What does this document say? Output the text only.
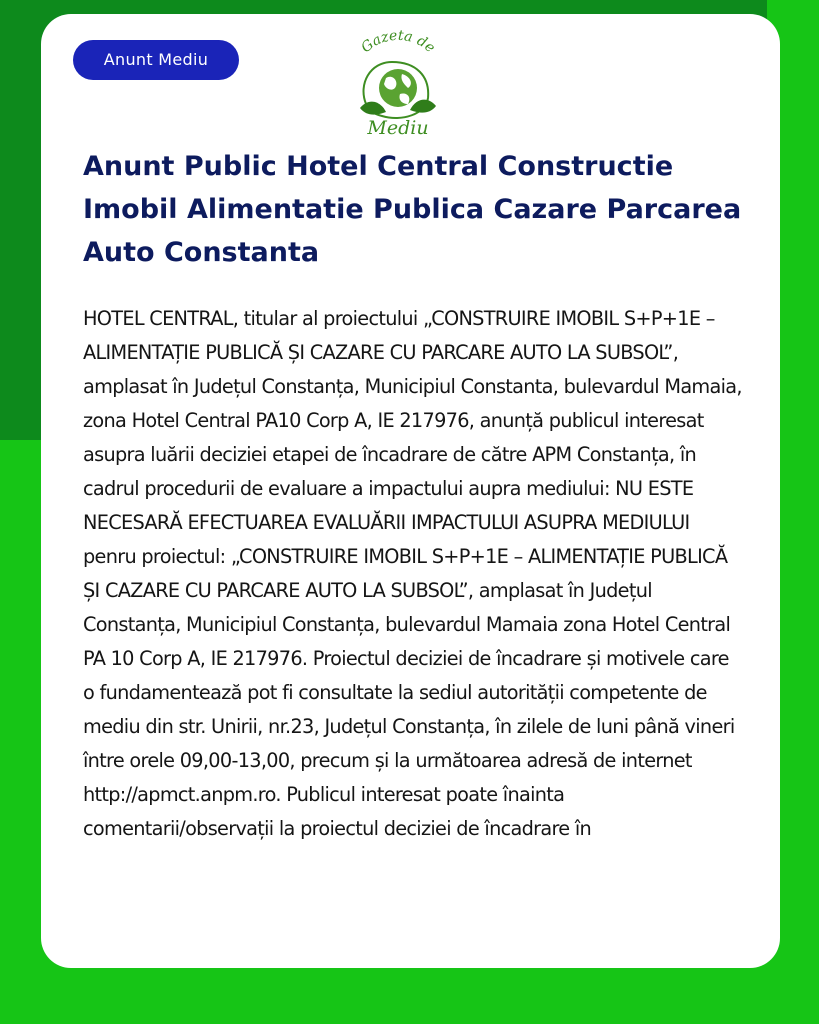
Anunt Mediu
Gazeta de
Mediu
Anunt Public Hotel Central Constructie Imobil Alimentatie Publica Cazare Parcarea Auto Constanta

HOTEL CENTRAL, titular al proiectului „CONSTRUIRE IMOBIL S+P+1E – ALIMENTAȚIE PUBLICĂ ȘI CAZARE CU PARCARE AUTO LA SUBSOL”, amplasat în Județul Constanța, Municipiul Constanta, bulevardul Mamaia, zona Hotel Central PA10 Corp A, IE 217976, anunță publicul interesat asupra luării deciziei etapei de încadrare de către APM Constanța, în cadrul procedurii de evaluare a impactului aupra mediului: NU ESTE NECESARĂ EFECTUAREA EVALUĂRII IMPACTULUI ASUPRA MEDIULUI penru proiectul: „CONSTRUIRE IMOBIL S+P+1E – ALIMENTAȚIE PUBLICĂ ȘI CAZARE CU PARCARE AUTO LA SUBSOL”, amplasat în Județul Constanța, Municipiul Constanța, bulevardul Mamaia zona Hotel Central PA 10 Corp A, IE 217976. Proiectul deciziei de încadrare și motivele care o fundamentează pot fi consultate la sediul autorității competente de mediu din str. Unirii, nr.23, Județul Constanța, în zilele de luni până vineri între orele 09,00-13,00, precum și la următoarea adresă de internet http://apmct.anpm.ro. Publicul interesat poate înainta comentarii/observații la proiectul deciziei de încadrare în
